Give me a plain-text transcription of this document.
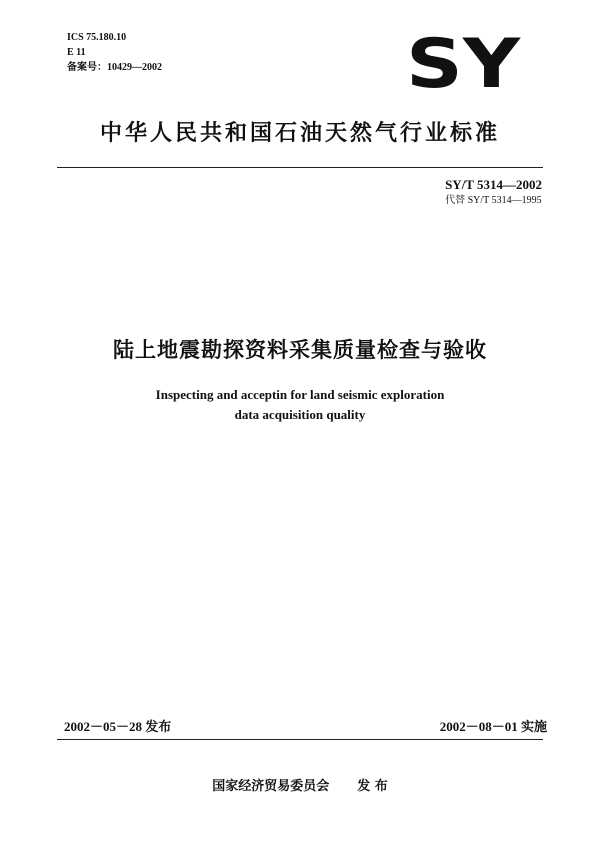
ICS 75.180.10
E 11
备案号：10429—2002	SY
中华人民共和国石油天然气行业标准
SY/T 5314—2002
代替 SY/T 5314—1995
陆上地震勘探资料采集质量检查与验收
Inspecting and acceptin for land seismic exploration
data acquisition quality
2002－05－28 发布	2002－08－01 实施
国家经济贸易委员会 发 布
